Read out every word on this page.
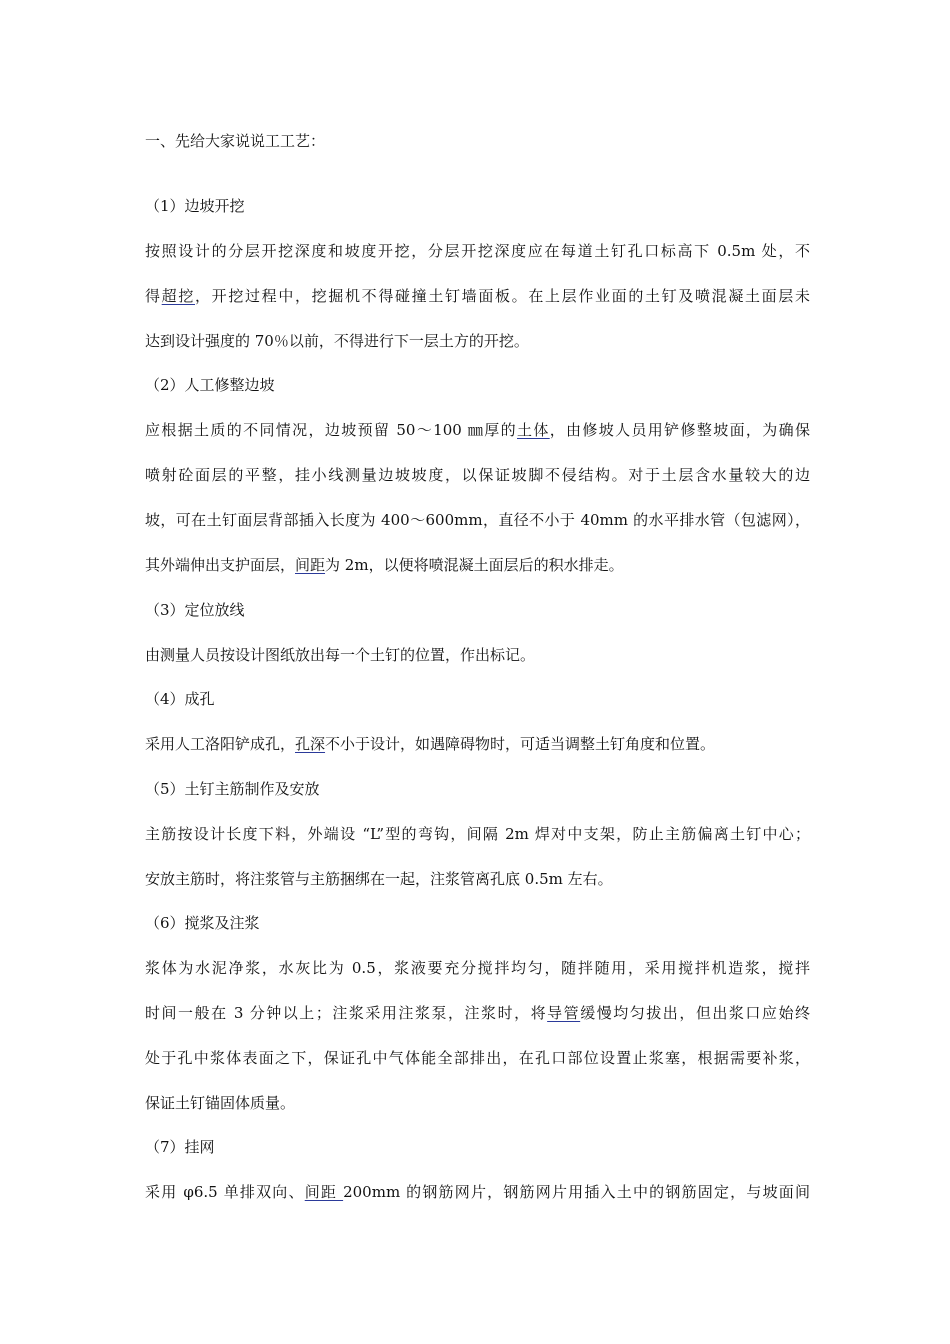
一、先给大家说说工工艺：
（1）边坡开挖
按照设计的分层开挖深度和坡度开挖，分层开挖深度应在每道土钉孔口标高下 0.5m 处，不
得超挖，开挖过程中，挖掘机不得碰撞土钉墙面板。在上层作业面的土钉及喷混凝土面层未
达到设计强度的 70％以前，不得进行下一层土方的开挖。
（2）人工修整边坡
应根据土质的不同情况，边坡预留 50～100 ㎜厚的土体，由修坡人员用铲修整坡面，为确保
喷射砼面层的平整，挂小线测量边坡坡度，以保证坡脚不侵结构。对于土层含水量较大的边
坡，可在土钉面层背部插入长度为 400～600mm，直径不小于 40mm 的水平排水管（包滤网），
其外端伸出支护面层，间距为 2m，以便将喷混凝土面层后的积水排走。
（3）定位放线
由测量人员按设计图纸放出每一个土钉的位置，作出标记。
（4）成孔
采用人工洛阳铲成孔，孔深不小于设计，如遇障碍物时，可适当调整土钉角度和位置。
（5）土钉主筋制作及安放
主筋按设计长度下料，外端设 “L”型的弯钩，间隔 2m 焊对中支架，防止主筋偏离土钉中心；
安放主筋时，将注浆管与主筋捆绑在一起，注浆管离孔底 0.5m 左右。
（6）搅浆及注浆
浆体为水泥净浆，水灰比为 0.5，浆液要充分搅拌均匀，随拌随用，采用搅拌机造浆，搅拌
时间一般在 3 分钟以上；注浆采用注浆泵，注浆时，将导管缓慢均匀拔出，但出浆口应始终
处于孔中浆体表面之下，保证孔中气体能全部排出，在孔口部位设置止浆塞，根据需要补浆，
保证土钉锚固体质量。
（7）挂网
采用 φ6.5 单排双向、间距 200mm 的钢筋网片，钢筋网片用插入土中的钢筋固定，与坡面间
